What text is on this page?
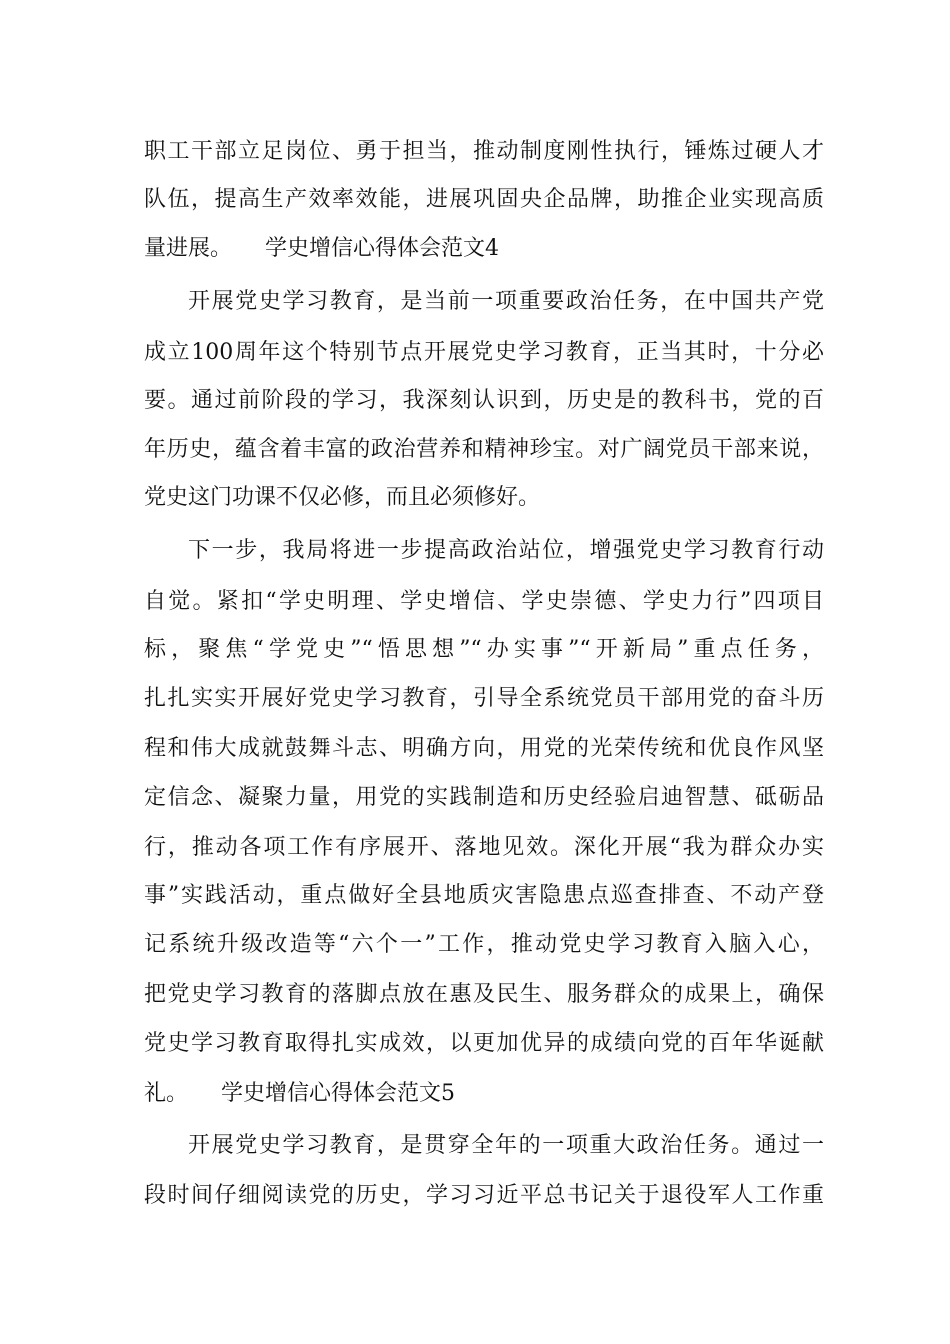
职工干部立足岗位、勇于担当，推动制度刚性执行，锤炼过硬人才
队伍，提高生产效率效能，进展巩固央企品牌，助推企业实现高质
量进展。　　学史增信心得体会范文4
开展党史学习教育，是当前一项重要政治任务，在中国共产党
成立100周年这个特别节点开展党史学习教育，正当其时，十分必
要。通过前阶段的学习，我深刻认识到，历史是的教科书，党的百
年历史，蕴含着丰富的政治营养和精神珍宝。对广阔党员干部来说，
党史这门功课不仅必修，而且必须修好。
下一步，我局将进一步提高政治站位，增强党史学习教育行动
自觉。紧扣“学史明理、学史增信、学史崇德、学史力行”四项目
标，聚焦“学党史”“悟思想”“办实事”“开新局”重点任务，
扎扎实实开展好党史学习教育，引导全系统党员干部用党的奋斗历
程和伟大成就鼓舞斗志、明确方向，用党的光荣传统和优良作风坚
定信念、凝聚力量，用党的实践制造和历史经验启迪智慧、砥砺品
行，推动各项工作有序展开、落地见效。深化开展“我为群众办实
事”实践活动，重点做好全县地质灾害隐患点巡查排查、不动产登
记系统升级改造等“六个一”工作，推动党史学习教育入脑入心，
把党史学习教育的落脚点放在惠及民生、服务群众的成果上，确保
党史学习教育取得扎实成效，以更加优异的成绩向党的百年华诞献
礼。　　学史增信心得体会范文5
开展党史学习教育，是贯穿全年的一项重大政治任务。通过一
段时间仔细阅读党的历史，学习习近平总书记关于退役军人工作重
